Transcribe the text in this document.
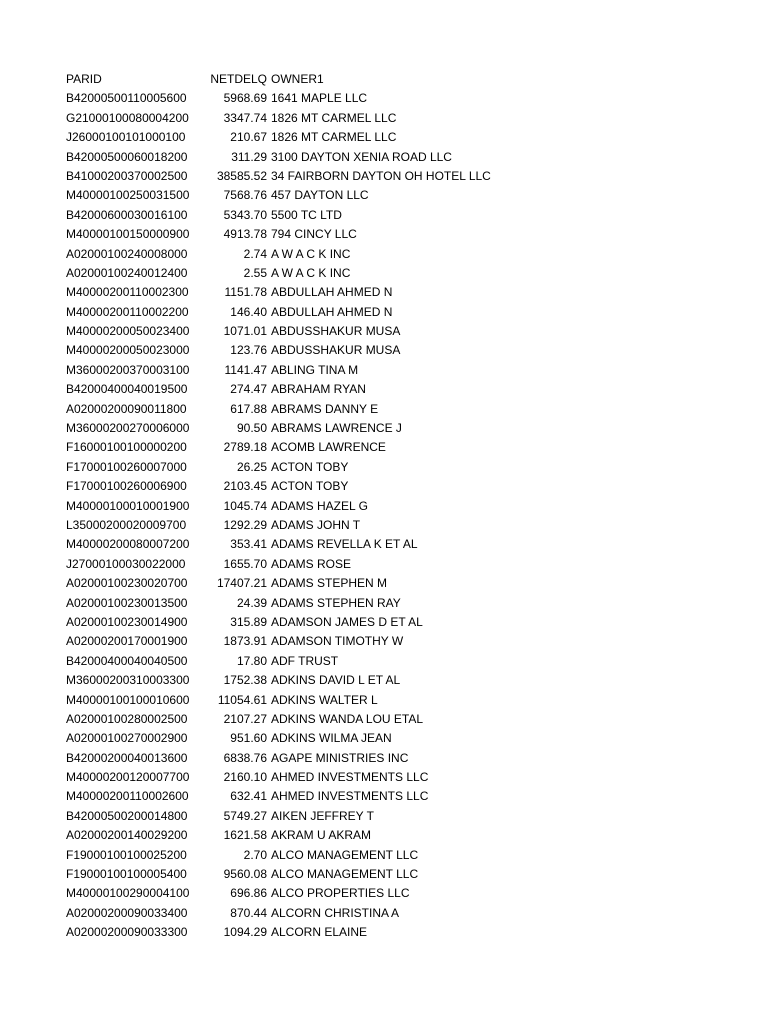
PARID	NETDELQ OWNER1
B42000500110005600	5968.69 1641 MAPLE LLC
G21000100080004200	3347.74 1826 MT CARMEL LLC
J26000100101000100	210.67 1826 MT CARMEL LLC
B42000500060018200	311.29 3100 DAYTON XENIA ROAD LLC
B41000200370002500	38585.52 34 FAIRBORN DAYTON OH HOTEL LLC
M40000100250031500	7568.76 457 DAYTON LLC
B42000600030016100	5343.70 5500 TC LTD
M40000100150000900	4913.78 794 CINCY LLC
A02000100240008000	2.74 A W A C K INC
A02000100240012400	2.55 A W A C K INC
M40000200110002300	1151.78 ABDULLAH AHMED N
M40000200110002200	146.40 ABDULLAH AHMED N
M40000200050023400	1071.01 ABDUSSHAKUR MUSA
M40000200050023000	123.76 ABDUSSHAKUR MUSA
M36000200370003100	1141.47 ABLING TINA M
B42000400040019500	274.47 ABRAHAM RYAN
A02000200090011800	617.88 ABRAMS DANNY E
M36000200270006000	90.50 ABRAMS LAWRENCE J
F16000100100000200	2789.18 ACOMB LAWRENCE
F17000100260007000	26.25 ACTON TOBY
F17000100260006900	2103.45 ACTON TOBY
M40000100010001900	1045.74 ADAMS HAZEL G
L35000200020009700	1292.29 ADAMS JOHN T
M40000200080007200	353.41 ADAMS REVELLA K ET AL
J27000100030022000	1655.70 ADAMS ROSE
A02000100230020700	17407.21 ADAMS STEPHEN M
A02000100230013500	24.39 ADAMS STEPHEN RAY
A02000100230014900	315.89 ADAMSON JAMES D ET AL
A02000200170001900	1873.91 ADAMSON TIMOTHY W
B42000400040040500	17.80 ADF TRUST
M36000200310003300	1752.38 ADKINS DAVID L ET AL
M40000100100010600	11054.61 ADKINS WALTER L
A02000100280002500	2107.27 ADKINS WANDA LOU ETAL
A02000100270002900	951.60 ADKINS WILMA JEAN
B42000200040013600	6838.76 AGAPE MINISTRIES INC
M40000200120007700	2160.10 AHMED INVESTMENTS LLC
M40000200110002600	632.41 AHMED INVESTMENTS LLC
B42000500200014800	5749.27 AIKEN JEFFREY T
A02000200140029200	1621.58 AKRAM U AKRAM
F19000100100025200	2.70 ALCO MANAGEMENT LLC
F19000100100005400	9560.08 ALCO MANAGEMENT LLC
M40000100290004100	696.86 ALCO PROPERTIES LLC
A02000200090033400	870.44 ALCORN CHRISTINA A
A02000200090033300	1094.29 ALCORN ELAINE
